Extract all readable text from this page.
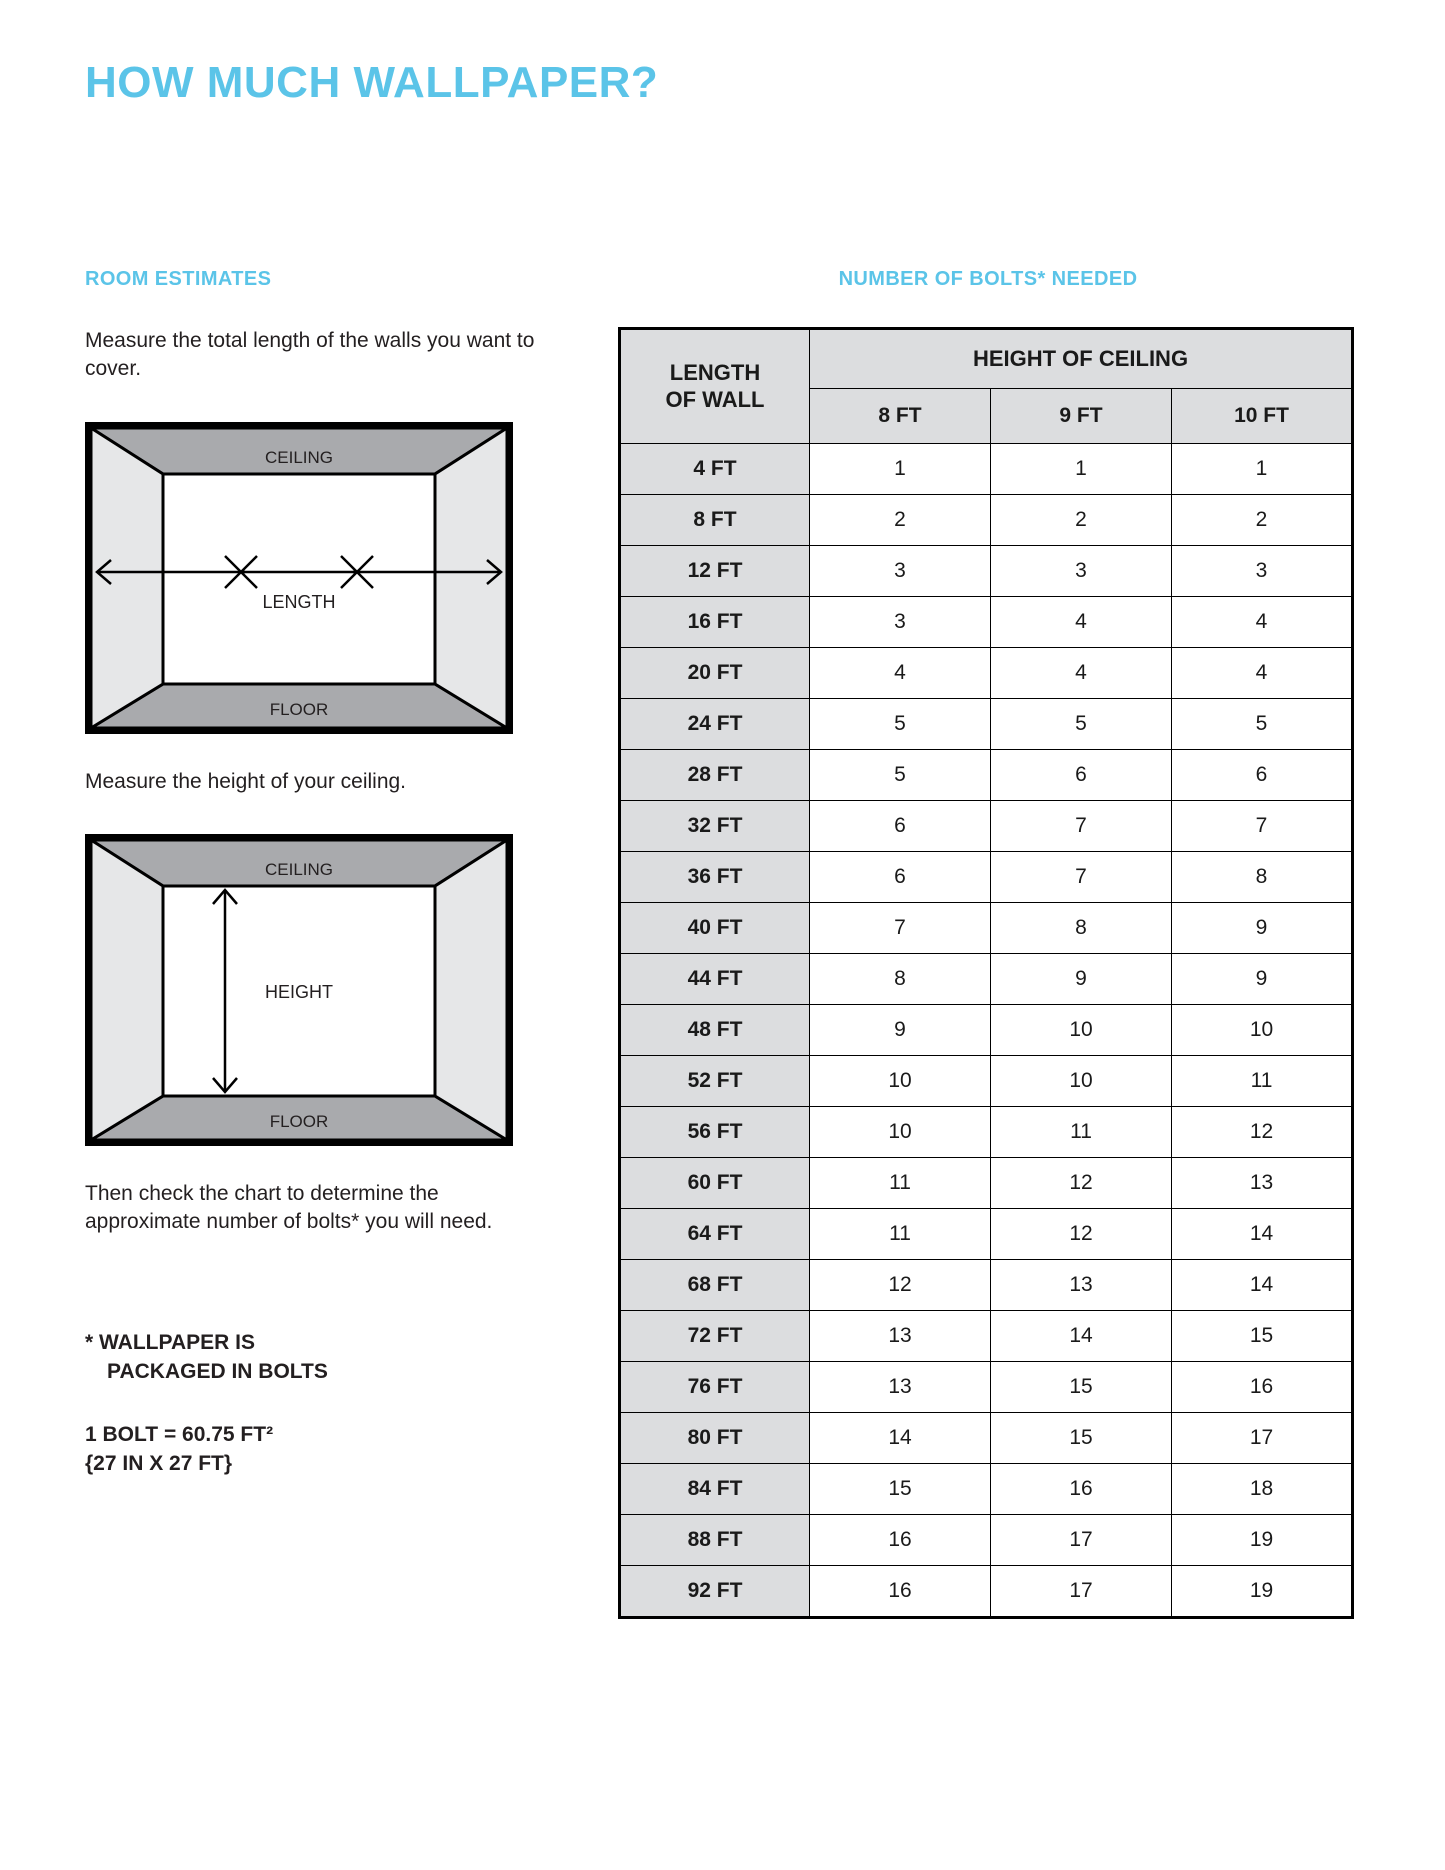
HOW MUCH WALLPAPER?
ROOM ESTIMATES

Measure the total length of the walls you want to cover.

LENGTH
CEILING
FLOOR

Measure the height of your ceiling.

HEIGHT
CEILING
FLOOR

Then check the chart to determine the approximate number of bolts* you will need.

* WALLPAPER IS
PACKAGED IN BOLTS
1 BOLT = 60.75 FT²
{27 IN X 27 FT}
NUMBER OF BOLTS* NEEDED
LENGTH
OF WALL	HEIGHT OF CEILING		
	8 FT	9 FT	10 FT
4 FT	1	1	1
8 FT	2	2	2
12 FT	3	3	3
16 FT	3	4	4
20 FT	4	4	4
24 FT	5	5	5
28 FT	5	6	6
32 FT	6	7	7
36 FT	6	7	8
40 FT	7	8	9
44 FT	8	9	9
48 FT	9	10	10
52 FT	10	10	11
56 FT	10	11	12
60 FT	11	12	13
64 FT	11	12	14
68 FT	12	13	14
72 FT	13	14	15
76 FT	13	15	16
80 FT	14	15	17
84 FT	15	16	18
88 FT	16	17	19
92 FT	16	17	19
